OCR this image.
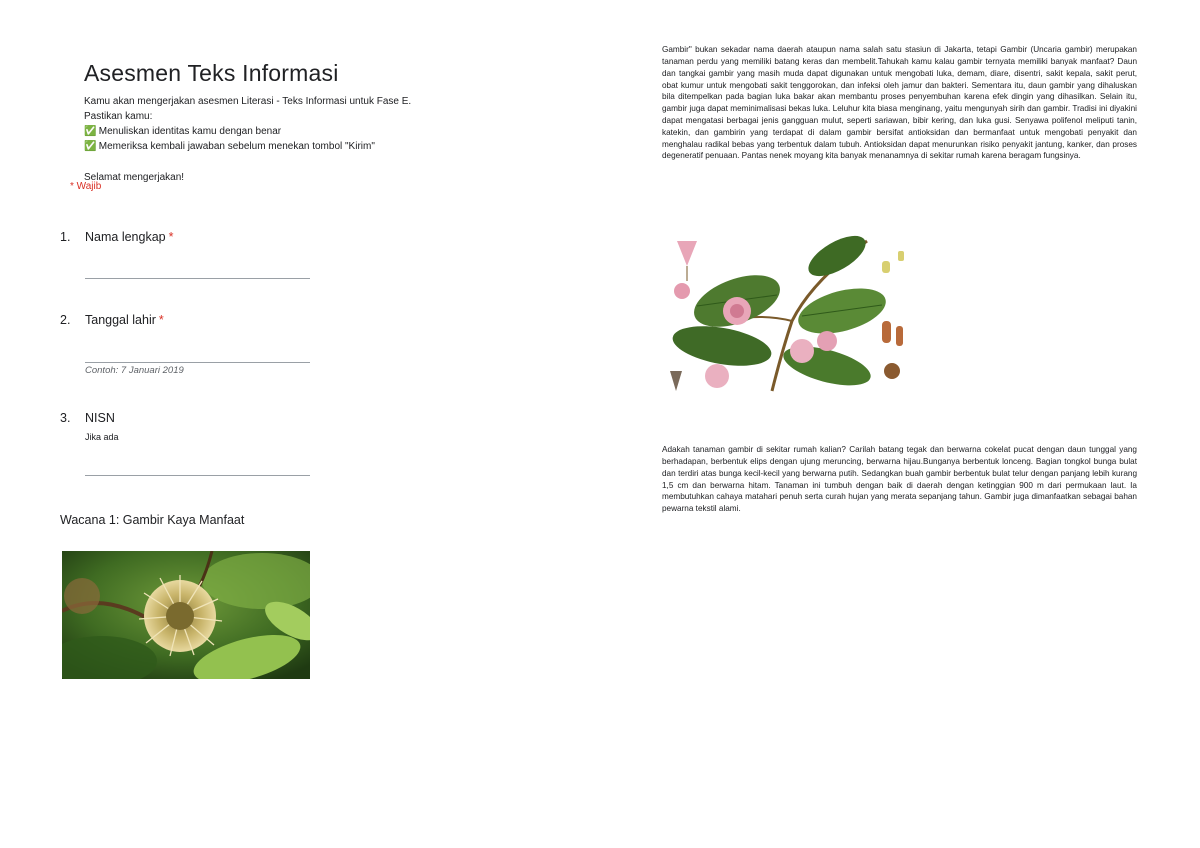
Asesmen Teks Informasi
Kamu akan mengerjakan asesmen Literasi - Teks Informasi untuk Fase E.
Pastikan kamu:
✅ Menuliskan identitas kamu dengan benar
✅ Memeriksa kembali jawaban sebelum menekan tombol "Kirim"
Selamat mengerjakan!
* Wajib
1. Nama lengkap *
2. Tanggal lahir *
Contoh: 7 Januari 2019
3. NISN
Jika ada
Wacana 1: Gambir Kaya Manfaat

Gambir" bukan sekadar nama daerah ataupun nama salah satu stasiun di Jakarta, tetapi Gambir (Uncaria gambir) merupakan tanaman perdu yang memiliki batang keras dan membelit.Tahukah kamu kalau gambir ternyata memiliki banyak manfaat? Daun dan tangkai gambir yang masih muda dapat digunakan untuk mengobati luka, demam, diare, disentri, sakit kepala, sakit perut, obat kumur untuk mengobati sakit tenggorokan, dan infeksi oleh jamur dan bakteri. Sementara itu, daun gambir yang dihaluskan bila ditempelkan pada bagian luka bakar akan membantu proses penyembuhan karena efek dingin yang dihasilkan. Selain itu, gambir juga dapat meminimalisasi bekas luka. Leluhur kita biasa menginang, yaitu mengunyah sirih dan gambir. Tradisi ini diyakini dapat mengatasi berbagai jenis gangguan mulut, seperti sariawan, bibir kering, dan luka gusi. Senyawa polifenol meliputi tanin, katekin, dan gambirin yang terdapat di dalam gambir bersifat antioksidan dan bermanfaat untuk mengobati penyakit dan menghalau radikal bebas yang terbentuk dalam tubuh. Antioksidan dapat menurunkan risiko penyakit jantung, kanker, dan proses degeneratif penuaan. Pantas nenek moyang kita banyak menanamnya di sekitar rumah karena beragam fungsinya.

Adakah tanaman gambir di sekitar rumah kalian? Carilah batang tegak dan berwarna cokelat pucat dengan daun tunggal yang berhadapan, berbentuk elips dengan ujung meruncing, berwarna hijau.Bunganya berbentuk lonceng. Bagian tongkol bunga bulat dan terdiri atas bunga kecil-kecil yang berwarna putih. Sedangkan buah gambir berbentuk bulat telur dengan panjang lebih kurang 1,5 cm dan berwarna hitam. Tanaman ini tumbuh dengan baik di daerah dengan ketinggian 900 m dari permukaan laut. Ia membutuhkan cahaya matahari penuh serta curah hujan yang merata sepanjang tahun. Gambir juga dimanfaatkan sebagai bahan pewarna tekstil alami.
